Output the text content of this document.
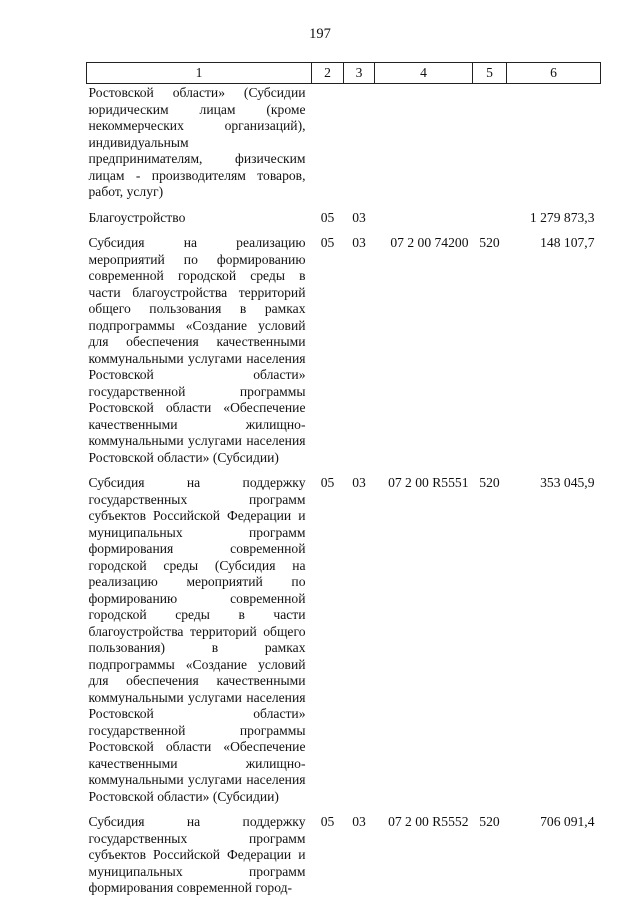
197
1	2	3	4	5	6
Ростовской области» (Субсидии юридическим лицам (кроме некоммерческих организаций), индивидуальным предпринимателям, физическим лицам - производителям товаров, работ, услуг)					
Благоустройство	05	03			1 279 873,3
Субсидия на реализацию мероприятий по формированию современной городской среды в части благоустройства территорий общего пользования в рамках подпрограммы «Создание условий для обеспечения качественными коммунальными услугами населения Ростовской области» государственной программы Ростовской области «Обеспечение качественными жилищно-коммунальными услугами населения Ростовской области» (Субсидии)	05	03	07 2 00 74200	520	148 107,7
Субсидия на поддержку государственных программ субъектов Российской Федерации и муниципальных программ формирования современной городской среды (Субсидия на реализацию мероприятий по формированию современной городской среды в части благоустройства территорий общего пользования) в рамках подпрограммы «Создание условий для обеспечения качественными коммунальными услугами населения Ростовской области» государственной программы Ростовской области «Обеспечение качественными жилищно-коммунальными услугами населения Ростовской области» (Субсидии)	05	03	07 2 00 R5551	520	353 045,9
Субсидия на поддержку государственных программ субъектов Российской Федерации и муниципальных программ формирования современной город-	05	03	07 2 00 R5552	520	706 091,4
